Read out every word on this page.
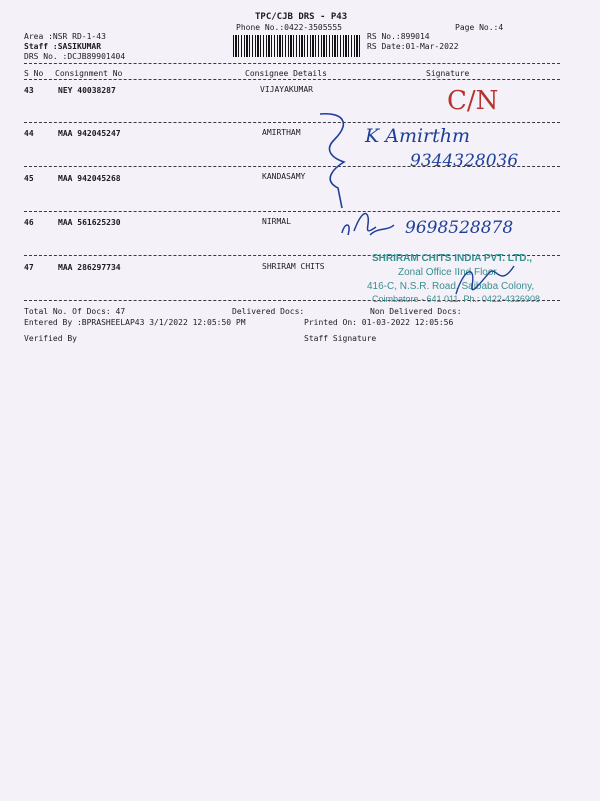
TPC/CJB DRS - P43
Phone No.:0422-3505555	Page No.:4
Area :NSR RD-1-43
Staff :SASIKUMAR
DRS No. :DCJB89901404
RS No.:899014
RS Date:01-Mar-2022
S No Consignment No	Consignee Details	Signature
43	NEY 40038287	VIJAYAKUMAR
44	MAA 942045247	AMIRTHAM
45	MAA 942045268	KANDASAMY
46	MAA 561625230	NIRMAL
47	MAA 286297734	SHRIRAM CHITS
C/N
K Amirthm
9344328036
9698528878
SHRIRAM CHITS INDIA PVT. LTD.,
Zonal Office IInd Floor
416-C, N.S.R. Road, Saibaba Colony,
Coimbatore - 641 011. Ph.: 0422-4326908
Total No. Of Docs: 47	Delivered Docs:	Non Delivered Docs:
Entered By :BPRASHEELAP43 3/1/2022 12:05:50 PM	Printed On: 01-03-2022 12:05:56
Verified By	Staff Signature
